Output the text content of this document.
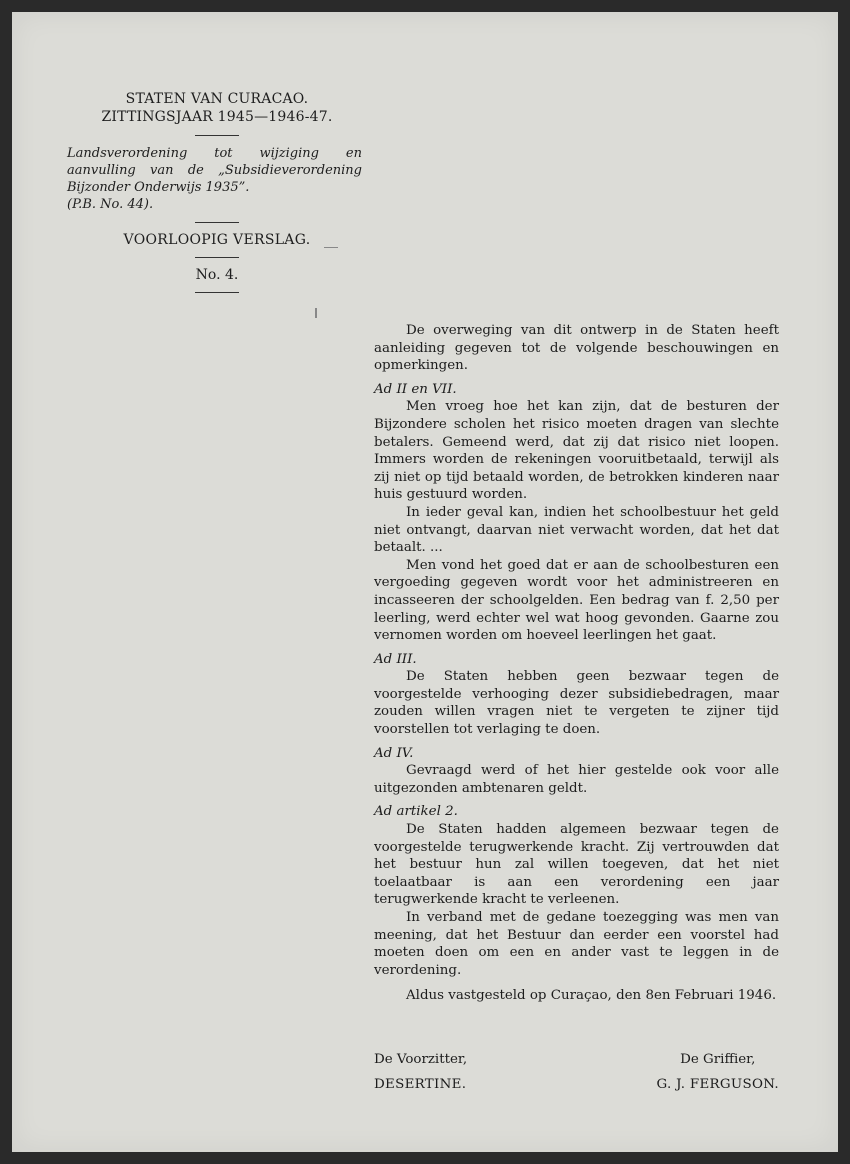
STATEN VAN CURACAO.
ZITTINGSJAAR 1945—1946-47.
Landsverordening tot wijziging en aanvulling van de „Subsidieverordening Bijzonder Onderwijs 1935”.
(P.B. No. 44).
VOORLOOPIG VERSLAG.
No. 4.

De overweging van dit ontwerp in de Staten heeft aanleiding gegeven tot de volgende beschouwingen en opmerkingen.

Ad II en VII.

Men vroeg hoe het kan zijn, dat de besturen der Bijzondere scholen het risico moeten dragen van slechte betalers. Gemeend werd, dat zij dat risico niet loopen. Immers worden de rekeningen vooruitbetaald, terwijl als zij niet op tijd betaald worden, de betrokken kinderen naar huis gestuurd worden.

In ieder geval kan, indien het schoolbestuur het geld niet ontvangt, daarvan niet verwacht worden, dat het dat betaalt. ...

Men vond het goed dat er aan de schoolbesturen een vergoeding gegeven wordt voor het administreeren en incasseeren der schoolgelden. Een bedrag van f. 2,50 per leerling, werd echter wel wat hoog gevonden. Gaarne zou vernomen worden om hoeveel leerlingen het gaat.

Ad III.

De Staten hebben geen bezwaar tegen de voorgestelde verhooging dezer subsidiebedragen, maar zouden willen vragen niet te vergeten te zijner tijd voorstellen tot verlaging te doen.

Ad IV.

Gevraagd werd of het hier gestelde ook voor alle uitgezonden ambtenaren geldt.

Ad artikel 2.

De Staten hadden algemeen bezwaar tegen de voorgestelde terugwerkende kracht. Zij vertrouwden dat het bestuur hun zal willen toegeven, dat het niet toelaatbaar is aan een verordening een jaar terugwerkende kracht te verleenen.

In verband met de gedane toezegging was men van meening, dat het Bestuur dan eerder een voorstel had moeten doen om een en ander vast te leggen in de verordening.

Aldus vastgesteld op Curaçao, den 8en Februari 1946.

De Voorzitter,
DESERTINE.
De Griffier,
G. J. FERGUSON.
